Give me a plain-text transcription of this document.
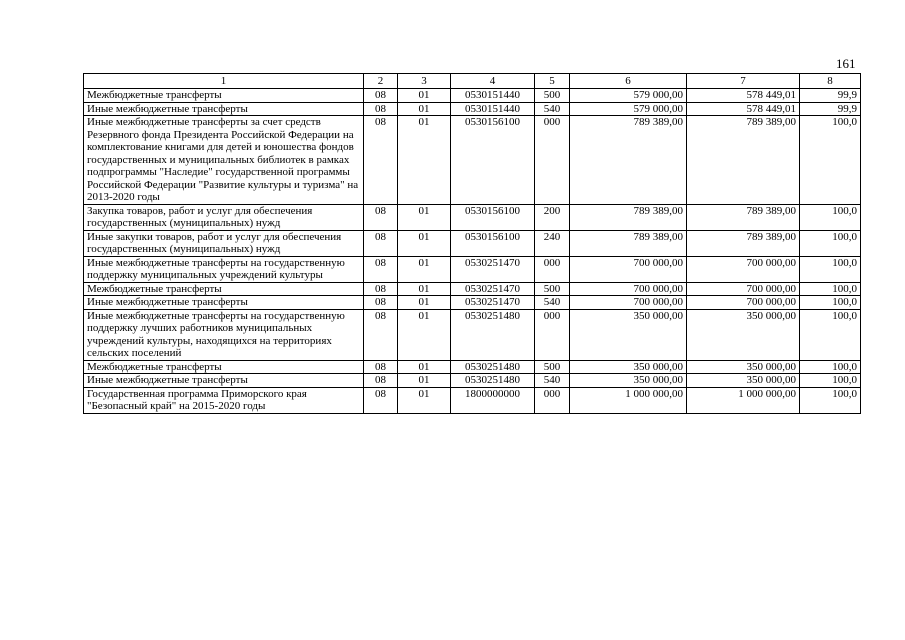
161
1	2	3	4	5	6	7	8
Межбюджетные трансферты	08	01	0530151440	500	579 000,00	578 449,01	99,9
Иные межбюджетные трансферты	08	01	0530151440	540	579 000,00	578 449,01	99,9
Иные межбюджетные трансферты за счет средств Резервного фонда Президента Российской Федерации на комплектование книгами для детей и юношества фондов государственных и муниципальных библиотек в рамках подпрограммы "Наследие" государственной программы Российской Федерации "Развитие культуры и туризма" на 2013-2020 годы	08	01	0530156100	000	789 389,00	789 389,00	100,0
Закупка товаров, работ и услуг для обеспечения государственных (муниципальных) нужд	08	01	0530156100	200	789 389,00	789 389,00	100,0
Иные закупки товаров, работ и услуг для обеспечения государственных (муниципальных) нужд	08	01	0530156100	240	789 389,00	789 389,00	100,0
Иные межбюджетные трансферты на государственную поддержку муниципальных учреждений культуры	08	01	0530251470	000	700 000,00	700 000,00	100,0
Межбюджетные трансферты	08	01	0530251470	500	700 000,00	700 000,00	100,0
Иные межбюджетные трансферты	08	01	0530251470	540	700 000,00	700 000,00	100,0
Иные межбюджетные трансферты на государственную поддержку лучших работников муниципальных учреждений культуры, находящихся на территориях сельских поселений	08	01	0530251480	000	350 000,00	350 000,00	100,0
Межбюджетные трансферты	08	01	0530251480	500	350 000,00	350 000,00	100,0
Иные межбюджетные трансферты	08	01	0530251480	540	350 000,00	350 000,00	100,0
Государственная программа Приморского края "Безопасный край" на 2015-2020 годы	08	01	1800000000	000	1 000 000,00	1 000 000,00	100,0
